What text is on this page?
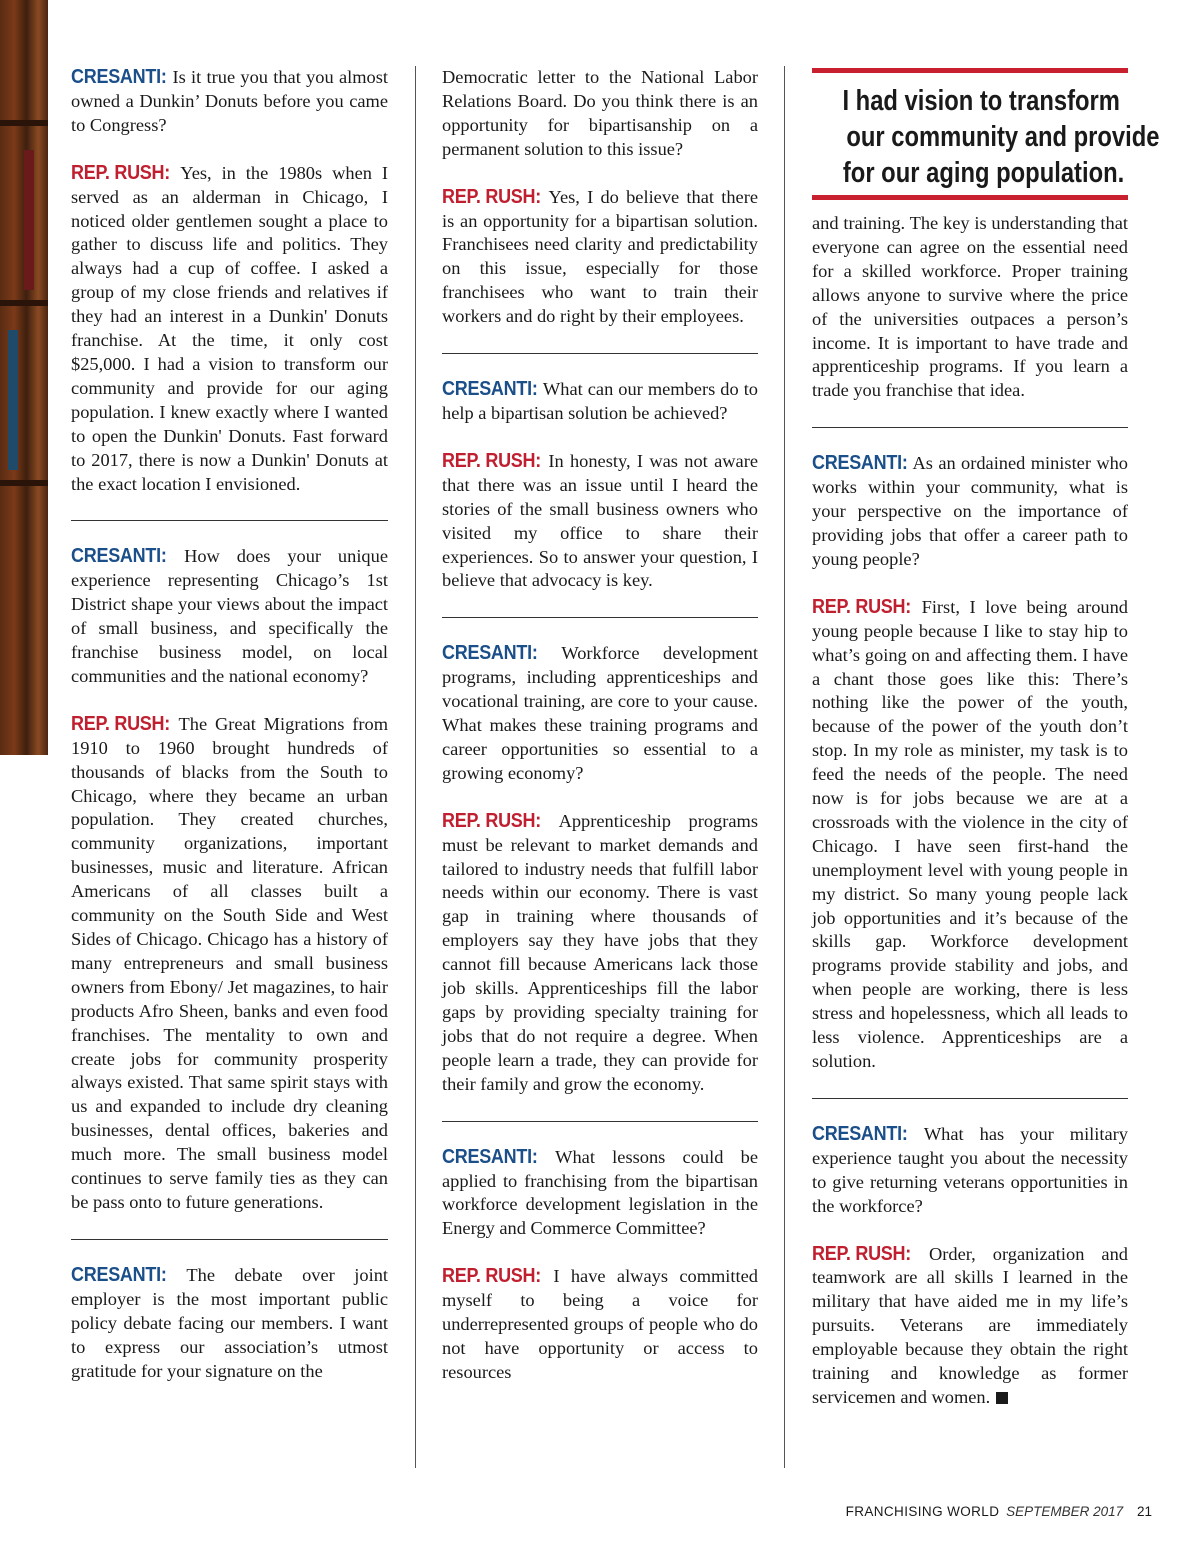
CRESANTI: Is it true you that you almost owned a Dunkin’ Donuts before you came to Congress?

REP. RUSH: Yes, in the 1980s when I served as an alderman in Chicago, I noticed older gentlemen sought a place to gather to discuss life and politics. They always had a cup of coffee. I asked a group of my close friends and relatives if they had an interest in a Dunkin' Donuts franchise. At the time, it only cost $25,000. I had a vision to transform our community and provide for our aging population. I knew exactly where I wanted to open the Dunkin' Donuts. Fast forward to 2017, there is now a Dunkin' Donuts at the exact location I envisioned.

CRESANTI: How does your unique experience representing Chicago’s 1st District shape your views about the impact of small business, and specifically the franchise business model, on local communities and the national economy?

REP. RUSH: The Great Migrations from 1910 to 1960 brought hundreds of thousands of blacks from the South to Chicago, where they became an urban population. They created churches, community organizations, important businesses, music and literature. African Americans of all classes built a community on the South Side and West Sides of Chicago. Chicago has a history of many entrepreneurs and small business owners from Ebony/ Jet magazines, to hair products Afro Sheen, banks and even food franchises. The mentality to own and create jobs for community prosperity always existed. That same spirit stays with us and expanded to include dry cleaning businesses, dental offices, bakeries and much more. The small business model continues to serve family ties as they can be pass onto to future generations.

CRESANTI: The debate over joint employer is the most important public policy debate facing our members. I want to express our association’s utmost gratitude for your signature on the

Democratic letter to the National Labor Relations Board. Do you think there is an opportunity for bipartisanship on a permanent solution to this issue?

REP. RUSH: Yes, I do believe that there is an opportunity for a bipartisan solution. Franchisees need clarity and predictability on this issue, especially for those franchisees who want to train their workers and do right by their employees.

CRESANTI: What can our members do to help a bipartisan solution be achieved?

REP. RUSH: In honesty, I was not aware that there was an issue until I heard the stories of the small business owners who visited my office to share their experiences. So to answer your question, I believe that advocacy is key.

CRESANTI: Workforce development programs, including apprenticeships and vocational training, are core to your cause. What makes these training programs and career opportunities so essential to a growing economy?

REP. RUSH: Apprenticeship programs must be relevant to market demands and tailored to industry needs that fulfill labor needs within our economy. There is vast gap in training where thousands of employers say they have jobs that they cannot fill because Americans lack those job skills. Apprenticeships fill the labor gaps by providing specialty training for jobs that do not require a degree. When people learn a trade, they can provide for their family and grow the economy.

CRESANTI: What lessons could be applied to franchising from the bipartisan workforce development legislation in the Energy and Commerce Committee?

REP. RUSH: I have always committed myself to being a voice for underrepresented groups of people who do not have opportunity or access to resources

I had vision to transform
our community and provide
for our aging population.

and training. The key is understanding that everyone can agree on the essential need for a skilled workforce. Proper training allows anyone to survive where the price of the universities outpaces a person’s income. It is important to have trade and apprenticeship programs. If you learn a trade you franchise that idea.

CRESANTI: As an ordained minister who works within your community, what is your perspective on the importance of providing jobs that offer a career path to young people?

REP. RUSH: First, I love being around young people because I like to stay hip to what’s going on and affecting them. I have a chant those goes like this: There’s nothing like the power of the youth, because of the power of the youth don’t stop. In my role as minister, my task is to feed the needs of the people. The need now is for jobs because we are at a crossroads with the violence in the city of Chicago. I have seen first-hand the unemployment level with young people in my district. So many young people lack job opportunities and it’s because of the skills gap. Workforce development programs provide stability and jobs, and when people are working, there is less stress and hopelessness, which all leads to less violence. Apprenticeships are a solution.

CRESANTI: What has your military experience taught you about the necessity to give returning veterans opportunities in the workforce?

REP. RUSH: Order, organization and teamwork are all skills I learned in the military that have aided me in my life’s pursuits. Veterans are immediately employable because they obtain the right training and knowledge as former servicemen and women.

FRANCHISING WORLD SEPTEMBER 2017 21
